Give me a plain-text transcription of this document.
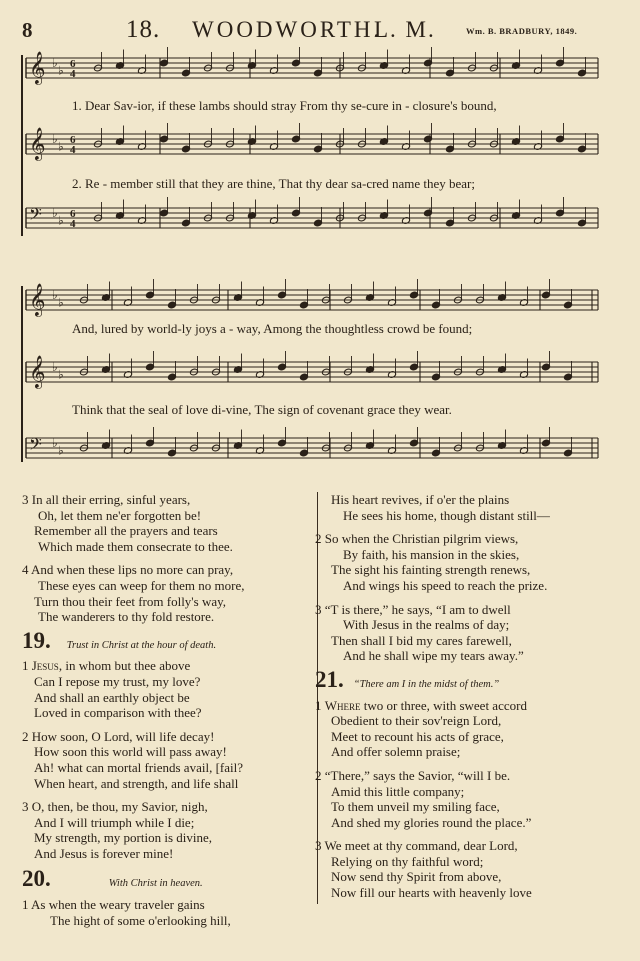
8	18. WOODWORTH.
L. M.	Wm. B. BRADBURY, 1849.
𝄞 ♭
♭ 6
4
𝄞 ♭
♭ 6
4
𝄢 ♭
♭ 6
4
𝄞 ♭
♭
𝄞 ♭
♭
𝄢 ♭
♭
1. Dear Sav-ior, if these lambs should stray From thy se-cure in - closure's bound,
2. Re - member still that they are thine, That thy dear sa-cred name they bear;
And, lured by world-ly joys a - way, Among the thoughtless crowd be found;
Think that the seal of love di-vine, The sign of covenant grace they wear.

3 In all their erring, sinful years,

Oh, let them ne'er forgotten be!

Remember all the prayers and tears

Which made them consecrate to thee.

4 And when these lips no more can pray,

These eyes can weep for them no more,

Turn thou their feet from folly's way,

The wanderers to thy fold restore.

19. Trust in Christ at the hour of death.

1 Jesus, in whom but thee above

Can I repose my trust, my love?

And shall an earthly object be

Loved in comparison with thee?

2 How soon, O Lord, will life decay!

How soon this world will pass away!

Ah! what can mortal friends avail, [fail?

When heart, and strength, and life shall

3 O, then, be thou, my Savior, nigh,

And I will triumph while I die;

My strength, my portion is divine,

And Jesus is forever mine!

20.	With Christ in heaven.

1 As when the weary traveler gains

The hight of some o'erlooking hill,

His heart revives, if o'er the plains

He sees his home, though distant still—

2 So when the Christian pilgrim views,

By faith, his mansion in the skies,

The sight his fainting strength renews,

And wings his speed to reach the prize.

3 “T is there,” he says, “I am to dwell

With Jesus in the realms of day;

Then shall I bid my cares farewell,

And he shall wipe my tears away.”

21. “There am I in the midst of them.”

1 Where two or three, with sweet accord

Obedient to their sov'reign Lord,

Meet to recount his acts of grace,

And offer solemn praise;

2 “There,” says the Savior, “will I be.

Amid this little company;

To them unveil my smiling face,

And shed my glories round the place.”

3 We meet at thy command, dear Lord,

Relying on thy faithful word;

Now send thy Spirit from above,

Now fill our hearts with heavenly love
